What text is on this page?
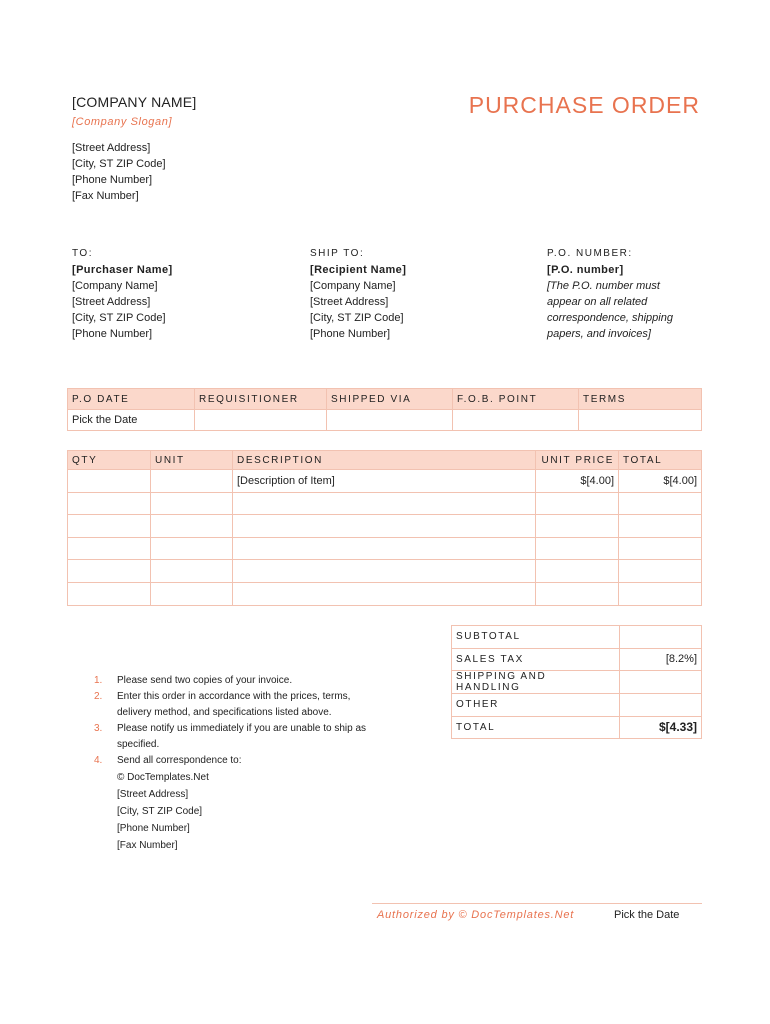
[COMPANY NAME]
[Company Slogan]
[Street Address]
[City, ST ZIP Code]
[Phone Number]
[Fax Number]
PURCHASE ORDER
TO:
[Purchaser Name]
[Company Name]
[Street Address]
[City, ST ZIP Code]
[Phone Number]
SHIP TO:
[Recipient Name]
[Company Name]
[Street Address]
[City, ST ZIP Code]
[Phone Number]
P.O. NUMBER:
[P.O. number]
[The P.O. number must
appear on all related
correspondence, shipping
papers, and invoices]
P.O DATE	REQUISITIONER	SHIPPED VIA	F.O.B. POINT	TERMS
Pick the Date				
QTY	UNIT	DESCRIPTION	UNIT PRICE	TOTAL
		[Description of Item]	$[4.00]	$[4.00]

SUBTOTAL	
SALES TAX	[8.2%]
SHIPPING AND HANDLING	
OTHER	
TOTAL	$[4.33]
1.	Please send two copies of your invoice.
2.	Enter this order in accordance with the prices, terms, delivery method, and specifications listed above.
3.	Please notify us immediately if you are unable to ship as specified.
4.	Send all correspondence to:
© DocTemplates.Net
[Street Address]
[City, ST ZIP Code]
[Phone Number]
[Fax Number]
Authorized by © DocTemplates.Net	Pick the Date
